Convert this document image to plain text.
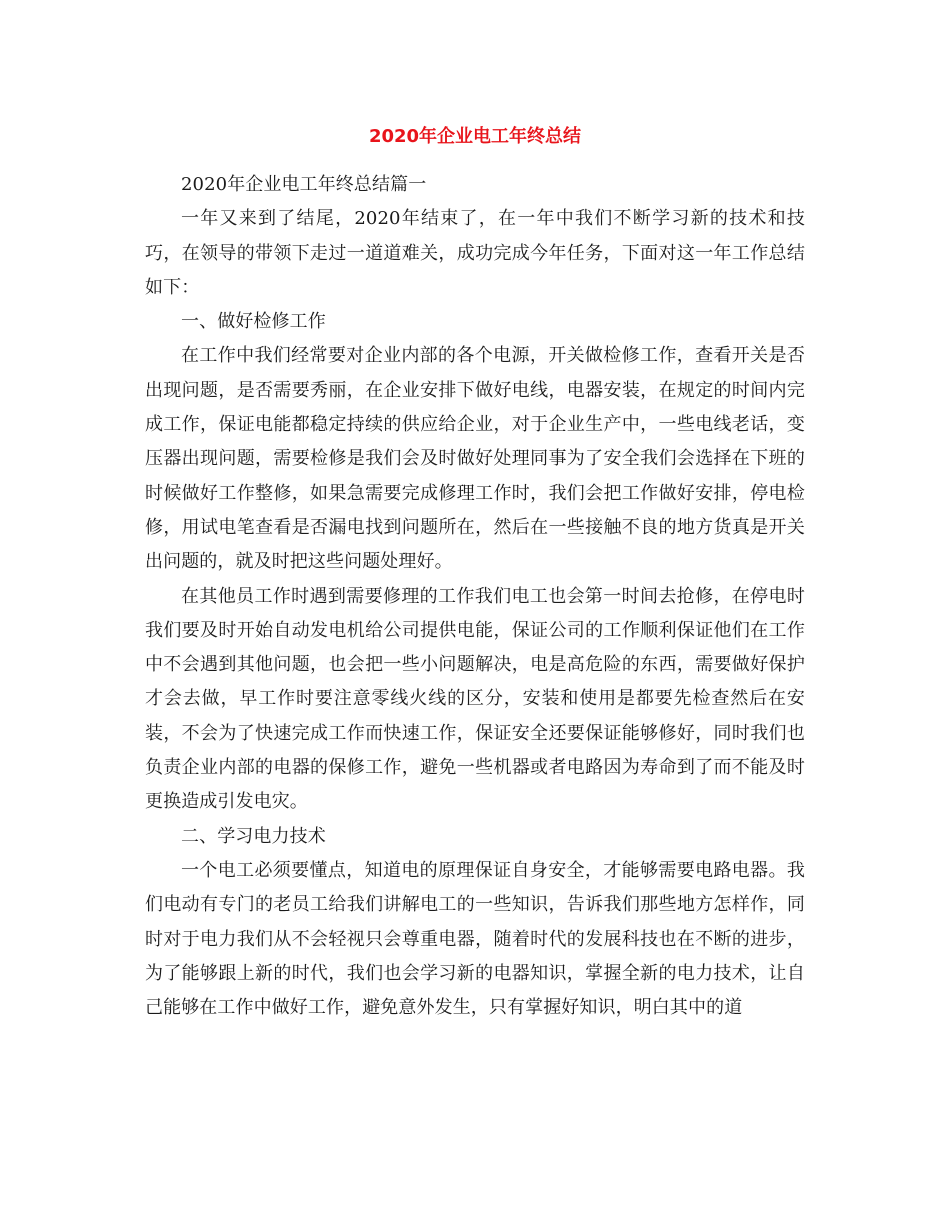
2020年企业电工年终总结

2020年企业电工年终总结篇一

一年又来到了结尾，2020年结束了，在一年中我们不断学习新的技术和技巧，在领导的带领下走过一道道难关，成功完成今年任务，下面对这一年工作总结如下：

一、做好检修工作

在工作中我们经常要对企业内部的各个电源，开关做检修工作，查看开关是否出现问题，是否需要秀丽，在企业安排下做好电线，电器安装，在规定的时间内完成工作，保证电能都稳定持续的供应给企业，对于企业生产中，一些电线老话，变压器出现问题，需要检修是我们会及时做好处理同事为了安全我们会选择在下班的时候做好工作整修，如果急需要完成修理工作时，我们会把工作做好安排，停电检修，用试电笔查看是否漏电找到问题所在，然后在一些接触不良的地方货真是开关出问题的，就及时把这些问题处理好。

在其他员工作时遇到需要修理的工作我们电工也会第一时间去抢修，在停电时我们要及时开始自动发电机给公司提供电能，保证公司的工作顺利保证他们在工作中不会遇到其他问题，也会把一些小问题解决，电是高危险的东西，需要做好保护才会去做，早工作时要注意零线火线的区分，安装和使用是都要先检查然后在安装，不会为了快速完成工作而快速工作，保证安全还要保证能够修好，同时我们也负责企业内部的电器的保修工作，避免一些机器或者电路因为寿命到了而不能及时更换造成引发电灾。

二、学习电力技术

一个电工必须要懂点，知道电的原理保证自身安全，才能够需要电路电器。我们电动有专门的老员工给我们讲解电工的一些知识，告诉我们那些地方怎样作，同时对于电力我们从不会轻视只会尊重电器，随着时代的发展科技也在不断的进步，为了能够跟上新的时代，我们也会学习新的电器知识，掌握全新的电力技术，让自己能够在工作中做好工作，避免意外发生，只有掌握好知识，明白其中的道
